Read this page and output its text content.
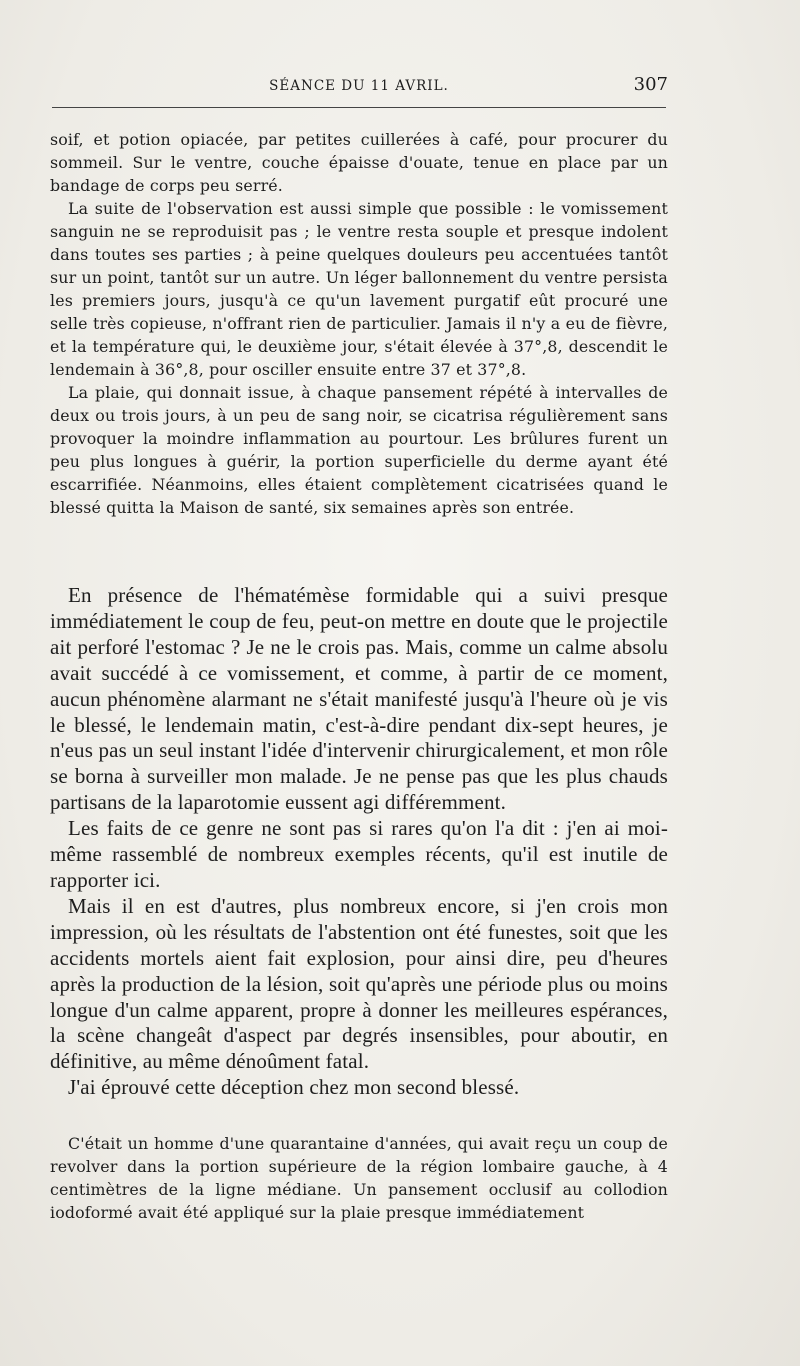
SÉANCE DU 11 AVRIL.	307

soif, et potion opiacée, par petites cuillerées à café, pour procurer du sommeil. Sur le ventre, couche épaisse d'ouate, tenue en place par un bandage de corps peu serré.

La suite de l'observation est aussi simple que possible : le vomissement sanguin ne se reproduisit pas ; le ventre resta souple et presque indolent dans toutes ses parties ; à peine quelques douleurs peu accentuées tantôt sur un point, tantôt sur un autre. Un léger ballonnement du ventre persista les premiers jours, jusqu'à ce qu'un lavement purgatif eût procuré une selle très copieuse, n'offrant rien de particulier. Jamais il n'y a eu de fièvre, et la température qui, le deuxième jour, s'était élevée à 37°,8, descendit le lendemain à 36°,8, pour osciller ensuite entre 37 et 37°,8.

La plaie, qui donnait issue, à chaque pansement répété à intervalles de deux ou trois jours, à un peu de sang noir, se cicatrisa régulièrement sans provoquer la moindre inflammation au pourtour. Les brûlures furent un peu plus longues à guérir, la portion superficielle du derme ayant été escarrifiée. Néanmoins, elles étaient complètement cicatrisées quand le blessé quitta la Maison de santé, six semaines après son entrée.

En présence de l'hématémèse formidable qui a suivi presque immédiatement le coup de feu, peut-on mettre en doute que le projectile ait perforé l'estomac ? Je ne le crois pas. Mais, comme un calme absolu avait succédé à ce vomissement, et comme, à partir de ce moment, aucun phénomène alarmant ne s'était manifesté jusqu'à l'heure où je vis le blessé, le lendemain matin, c'est-à-dire pendant dix-sept heures, je n'eus pas un seul instant l'idée d'intervenir chirurgicalement, et mon rôle se borna à surveiller mon malade. Je ne pense pas que les plus chauds partisans de la laparotomie eussent agi différemment.

Les faits de ce genre ne sont pas si rares qu'on l'a dit : j'en ai moi-même rassemblé de nombreux exemples récents, qu'il est inutile de rapporter ici.

Mais il en est d'autres, plus nombreux encore, si j'en crois mon impression, où les résultats de l'abstention ont été funestes, soit que les accidents mortels aient fait explosion, pour ainsi dire, peu d'heures après la production de la lésion, soit qu'après une période plus ou moins longue d'un calme apparent, propre à donner les meilleures espérances, la scène changeât d'aspect par degrés insensibles, pour aboutir, en définitive, au même dénoûment fatal.

J'ai éprouvé cette déception chez mon second blessé.

C'était un homme d'une quarantaine d'années, qui avait reçu un coup de revolver dans la portion supérieure de la région lombaire gauche, à 4 centimètres de la ligne médiane. Un pansement occlusif au collodion iodoformé avait été appliqué sur la plaie presque immédiatement
